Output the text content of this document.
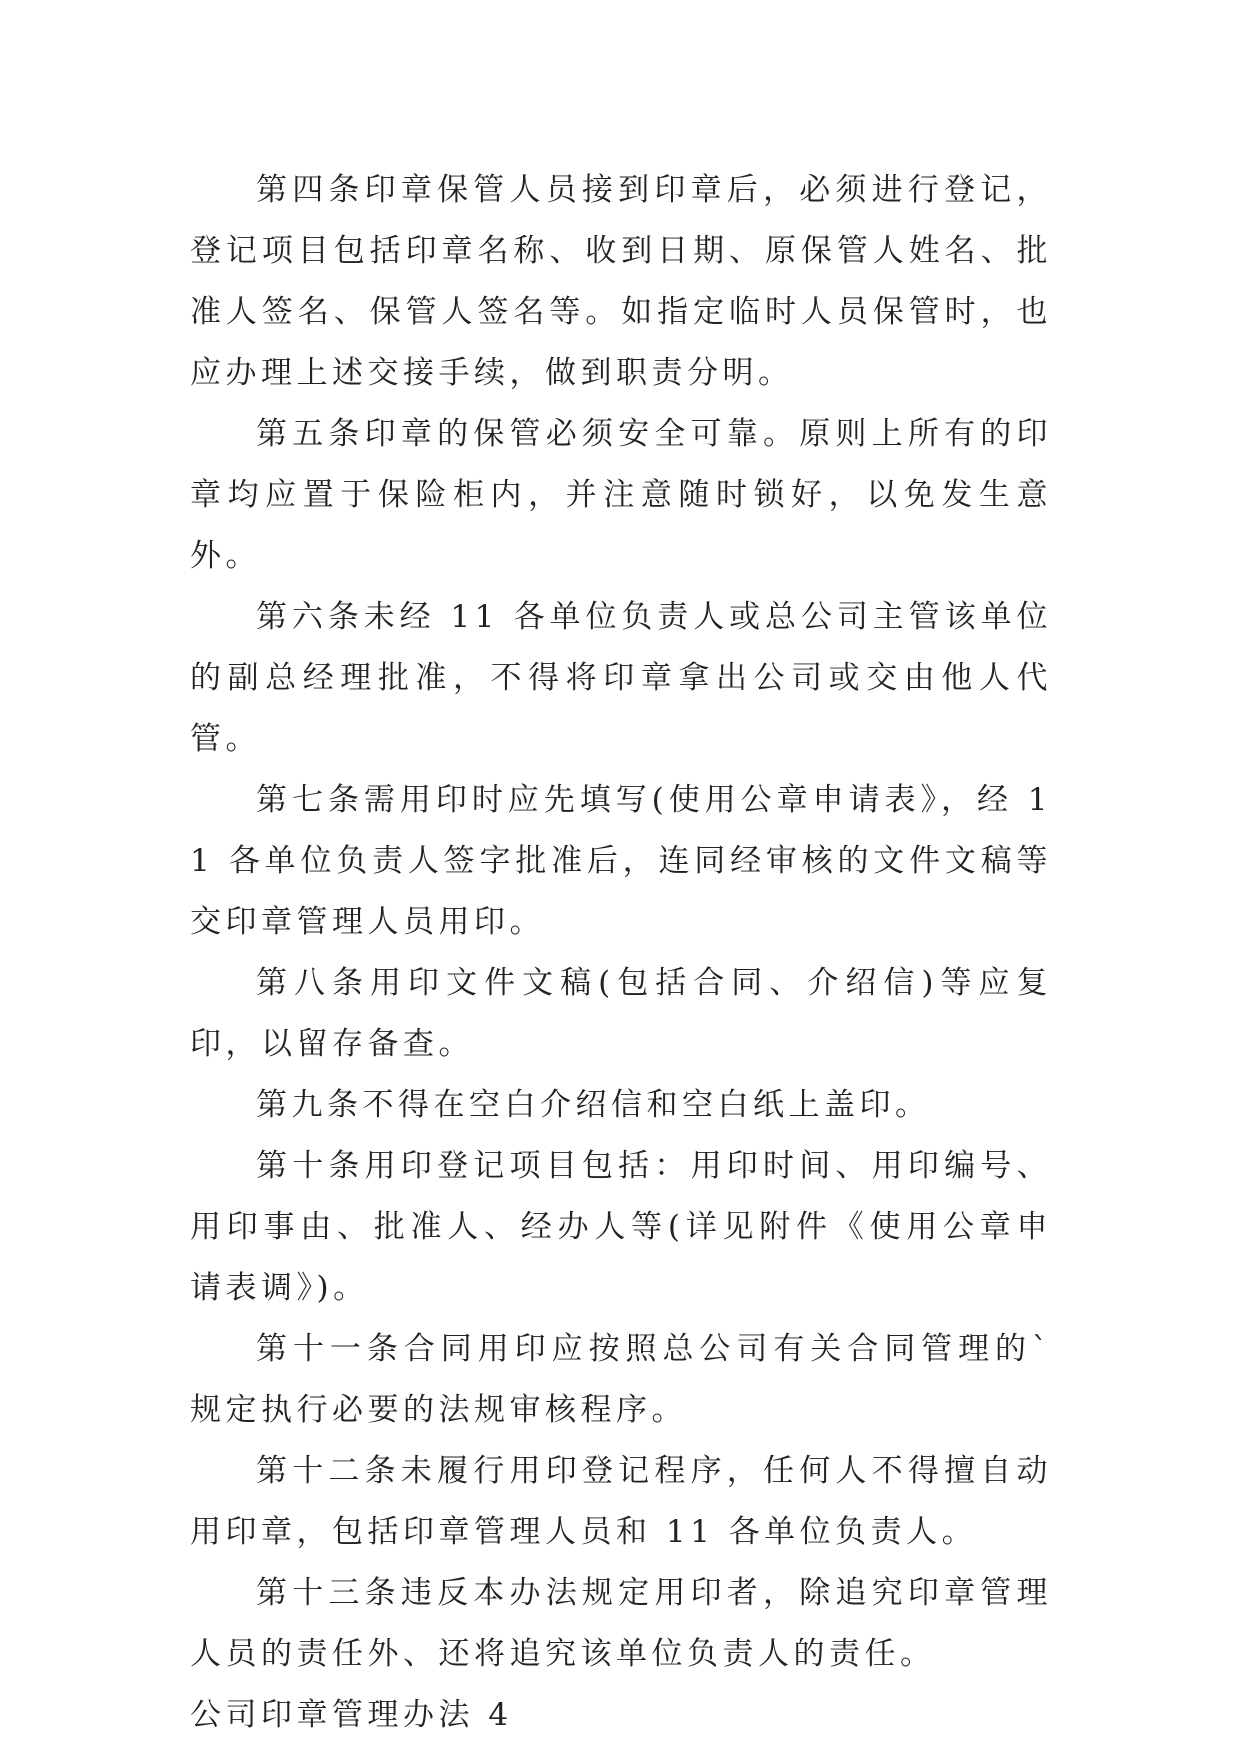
第四条印章保管人员接到印章后，必须进行登记，登记项目包括印章名称、收到日期、原保管人姓名、批准人签名、保管人签名等。如指定临时人员保管时，也应办理上述交接手续，做到职责分明。

第五条印章的保管必须安全可靠。原则上所有的印章均应置于保险柜内，并注意随时锁好，以免发生意外。

第六条未经 11 各单位负责人或总公司主管该单位的副总经理批准，不得将印章拿出公司或交由他人代管。

第七条需用印时应先填写(使用公章申请表》，经 11 各单位负责人签字批准后，连同经审核的文件文稿等交印章管理人员用印。

第八条用印文件文稿(包括合同、介绍信)等应复印，以留存备查。

第九条不得在空白介绍信和空白纸上盖印。

第十条用印登记项目包括：用印时间、用印编号、用印事由、批准人、经办人等(详见附件《使用公章申请表调》)。

第十一条合同用印应按照总公司有关合同管理的`规定执行必要的法规审核程序。

第十二条未履行用印登记程序，任何人不得擅自动用印章，包括印章管理人员和 11 各单位负责人。

第十三条违反本办法规定用印者，除追究印章管理人员的责任外、还将追究该单位负责人的责任。

公司印章管理办法 4
